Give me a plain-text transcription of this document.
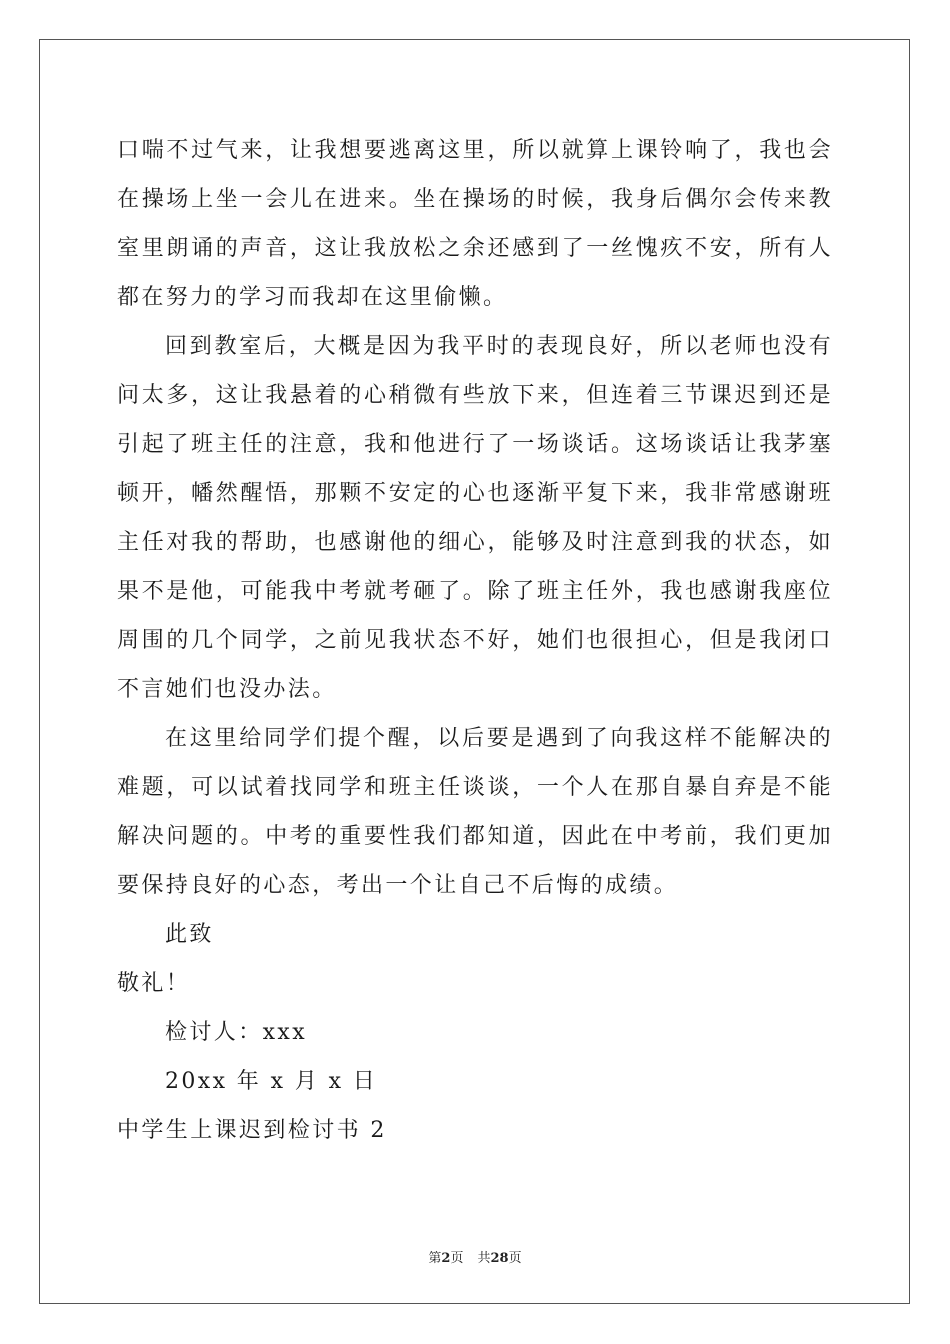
口喘不过气来，让我想要逃离这里，所以就算上课铃响了，我也会在操场上坐一会儿在进来。坐在操场的时候，我身后偶尔会传来教室里朗诵的声音，这让我放松之余还感到了一丝愧疚不安，所有人都在努力的学习而我却在这里偷懒。

回到教室后，大概是因为我平时的表现良好，所以老师也没有问太多，这让我悬着的心稍微有些放下来，但连着三节课迟到还是引起了班主任的注意，我和他进行了一场谈话。这场谈话让我茅塞顿开，幡然醒悟，那颗不安定的心也逐渐平复下来，我非常感谢班主任对我的帮助，也感谢他的细心，能够及时注意到我的状态，如果不是他，可能我中考就考砸了。除了班主任外，我也感谢我座位周围的几个同学，之前见我状态不好，她们也很担心，但是我闭口不言她们也没办法。

在这里给同学们提个醒，以后要是遇到了向我这样不能解决的难题，可以试着找同学和班主任谈谈，一个人在那自暴自弃是不能解决问题的。中考的重要性我们都知道，因此在中考前，我们更加要保持良好的心态，考出一个让自己不后悔的成绩。

此致

敬礼！

检讨人：xxx

20xx 年 x 月 x 日

中学生上课迟到检讨书 2

第2页 共28页
